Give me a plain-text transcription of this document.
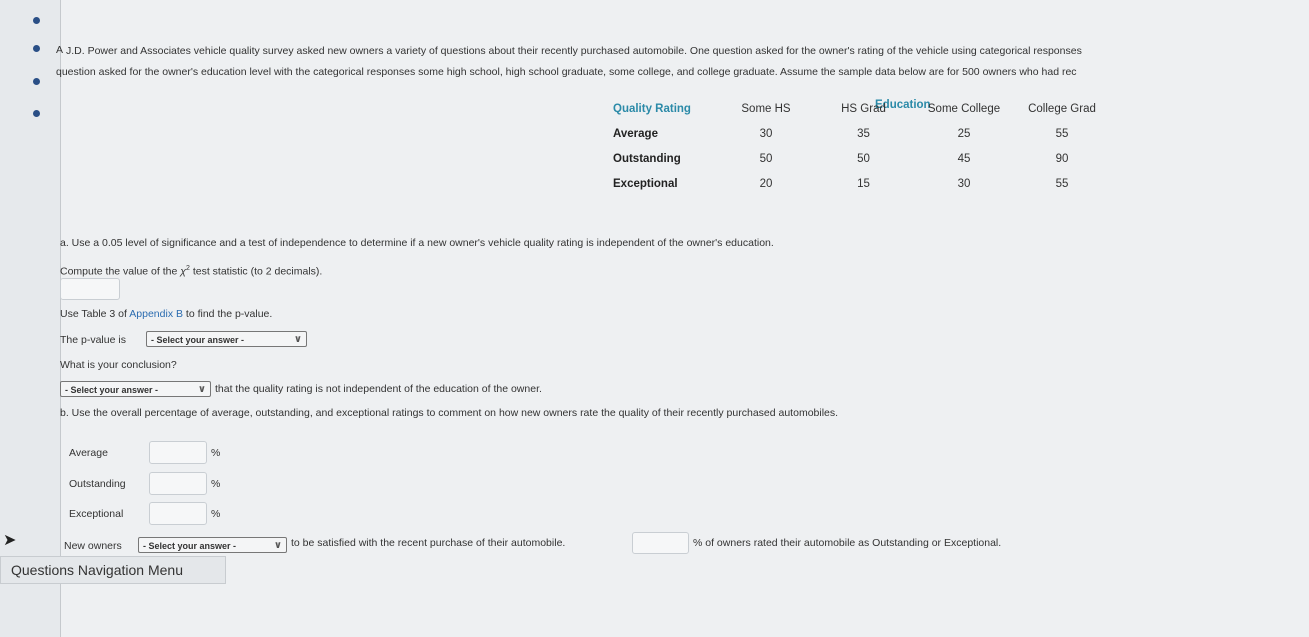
A J.D. Power and Associates vehicle quality survey asked new owners a variety of questions about their recently purchased automobile. One question asked for the owner's rating of the vehicle using categorical responses
question asked for the owner's education level with the categorical responses some high school, high school graduate, some college, and college graduate. Assume the sample data below are for 500 owners who had rec
Education
Quality Rating	Some HS	HS Grad	Some College	College Grad
Average	30	35	25	55
Outstanding	50	50	45	90
Exceptional	20	15	30	55
a. Use a 0.05 level of significance and a test of independence to determine if a new owner's vehicle quality rating is independent of the owner's education.
Compute the value of the $\chi^2$ test statistic (to 2 decimals).
Use Table 3 of Appendix B to find the p-value.
The p-value is	- Select your answer -	∨
What is your conclusion?
- Select your answer -	∨ that the quality rating is not independent of the education of the owner.
b. Use the overall percentage of average, outstanding, and exceptional ratings to comment on how new owners rate the quality of their recently purchased automobiles.
Average	%
Outstanding	%
Exceptional	%
New owners	- Select your answer -	∨ to be satisfied with the recent purchase of their automobile.	% of owners rated their automobile as Outstanding or Exceptional.
➤
Questions Navigation Menu
